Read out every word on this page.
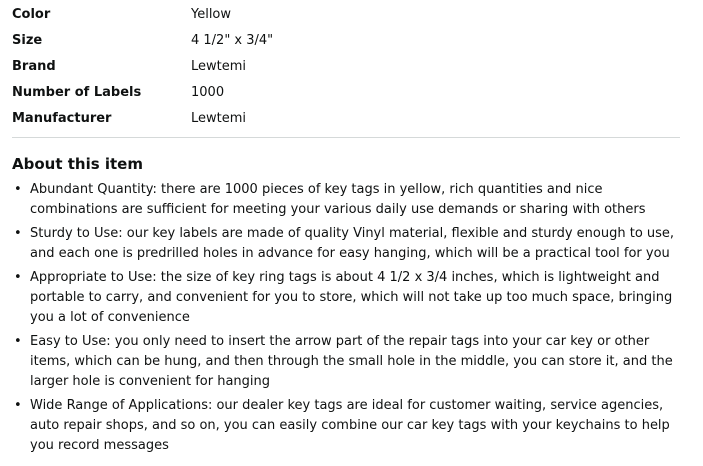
Color	Yellow
Size	4 1/2" x 3/4"
Brand	Lewtemi
Number of Labels	1000
Manufacturer	Lewtemi
About this item
• Abundant Quantity: there are 1000 pieces of key tags in yellow, rich quantities and nice combinations are sufficient for meeting your various daily use demands or sharing with others
• Sturdy to Use: our key labels are made of quality Vinyl material, flexible and sturdy enough to use, and each one is predrilled holes in advance for easy hanging, which will be a practical tool for you
• Appropriate to Use: the size of key ring tags is about 4 1/2 x 3/4 inches, which is lightweight and portable to carry, and convenient for you to store, which will not take up too much space, bringing you a lot of convenience
• Easy to Use: you only need to insert the arrow part of the repair tags into your car key or other items, which can be hung, and then through the small hole in the middle, you can store it, and the larger hole is convenient for hanging
• Wide Range of Applications: our dealer key tags are ideal for customer waiting, service agencies, auto repair shops, and so on, you can easily combine our car key tags with your keychains to help you record messages
